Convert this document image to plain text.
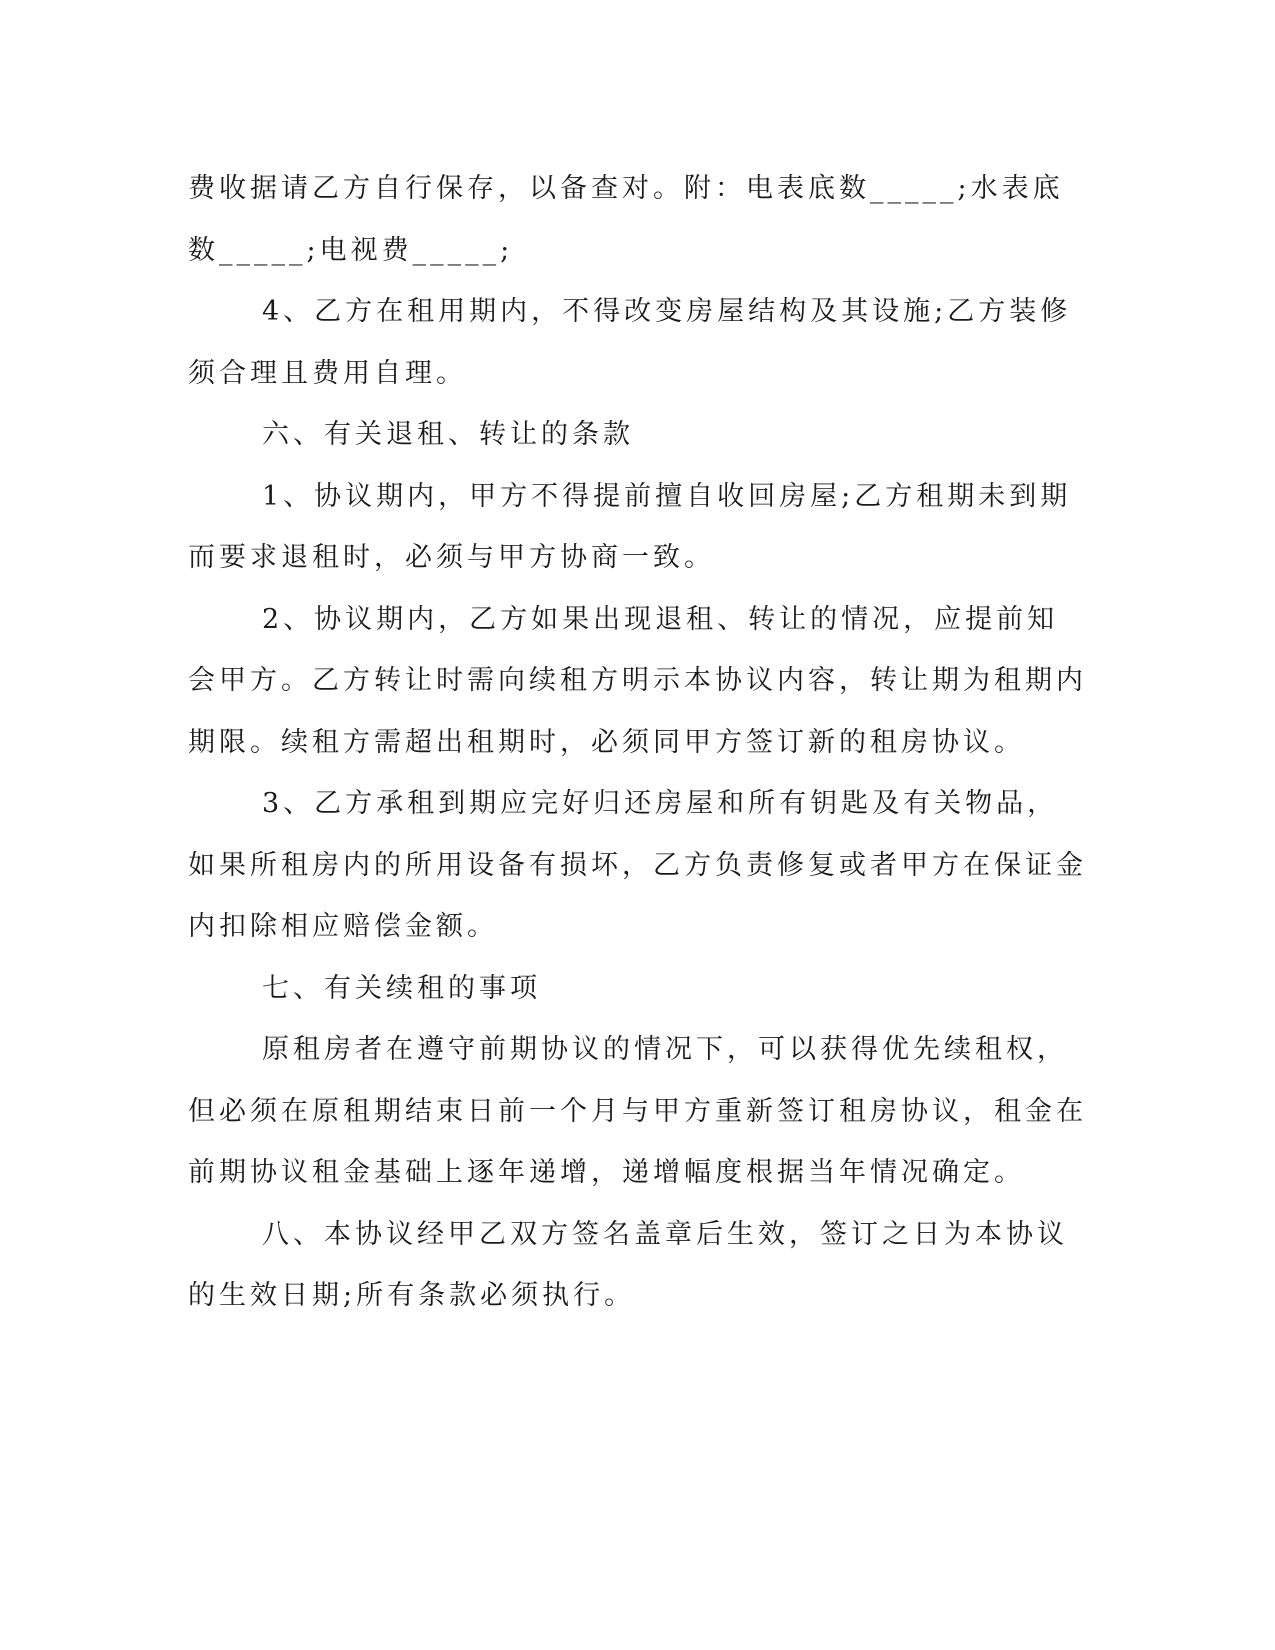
费收据请乙方自行保存，以备查对。附：电表底数_____;水表底数_____;电视费_____;

4、乙方在租用期内，不得改变房屋结构及其设施;乙方装修须合理且费用自理。

六、有关退租、转让的条款

1、协议期内，甲方不得提前擅自收回房屋;乙方租期未到期而要求退租时，必须与甲方协商一致。

2、协议期内，乙方如果出现退租、转让的情况，应提前知会甲方。乙方转让时需向续租方明示本协议内容，转让期为租期内期限。续租方需超出租期时，必须同甲方签订新的租房协议。

3、乙方承租到期应完好归还房屋和所有钥匙及有关物品，如果所租房内的所用设备有损坏，乙方负责修复或者甲方在保证金内扣除相应赔偿金额。

七、有关续租的事项

原租房者在遵守前期协议的情况下，可以获得优先续租权，但必须在原租期结束日前一个月与甲方重新签订租房协议，租金在前期协议租金基础上逐年递增，递增幅度根据当年情况确定。

八、本协议经甲乙双方签名盖章后生效，签订之日为本协议的生效日期;所有条款必须执行。
